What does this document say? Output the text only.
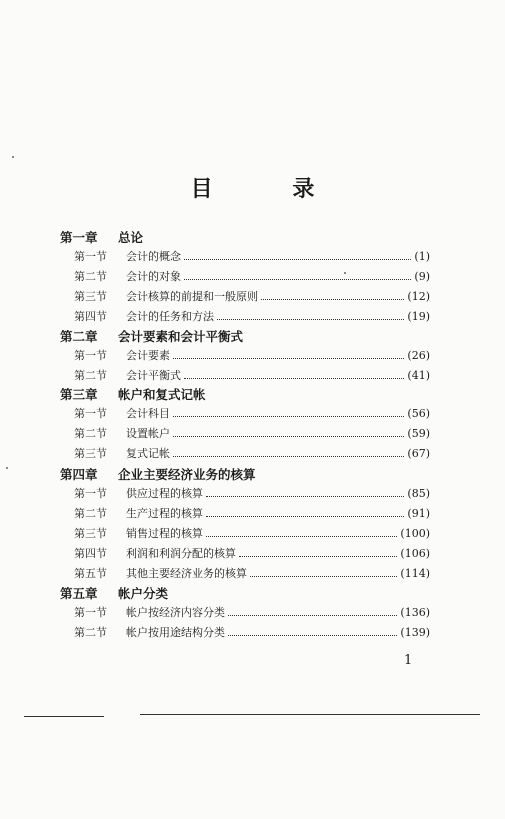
目 录
第一章 总论
第一节	会计的概念	(1)
第二节	会计的对象	(9)
第三节	会计核算的前提和一般原则	(12)
第四节	会计的任务和方法	(19)
第二章 会计要素和会计平衡式
第一节	会计要素	(26)
第二节	会计平衡式	(41)
第三章 帐户和复式记帐
第一节	会计科目	(56)
第二节	设置帐户	(59)
第三节	复式记帐	(67)
第四章 企业主要经济业务的核算
第一节	供应过程的核算	(85)
第二节	生产过程的核算	(91)
第三节	销售过程的核算	(100)
第四节	利润和利润分配的核算	(106)
第五节	其他主要经济业务的核算	(114)
第五章 帐户分类
第一节	帐户按经济内容分类	(136)
第二节	帐户按用途结构分类	(139)
1
